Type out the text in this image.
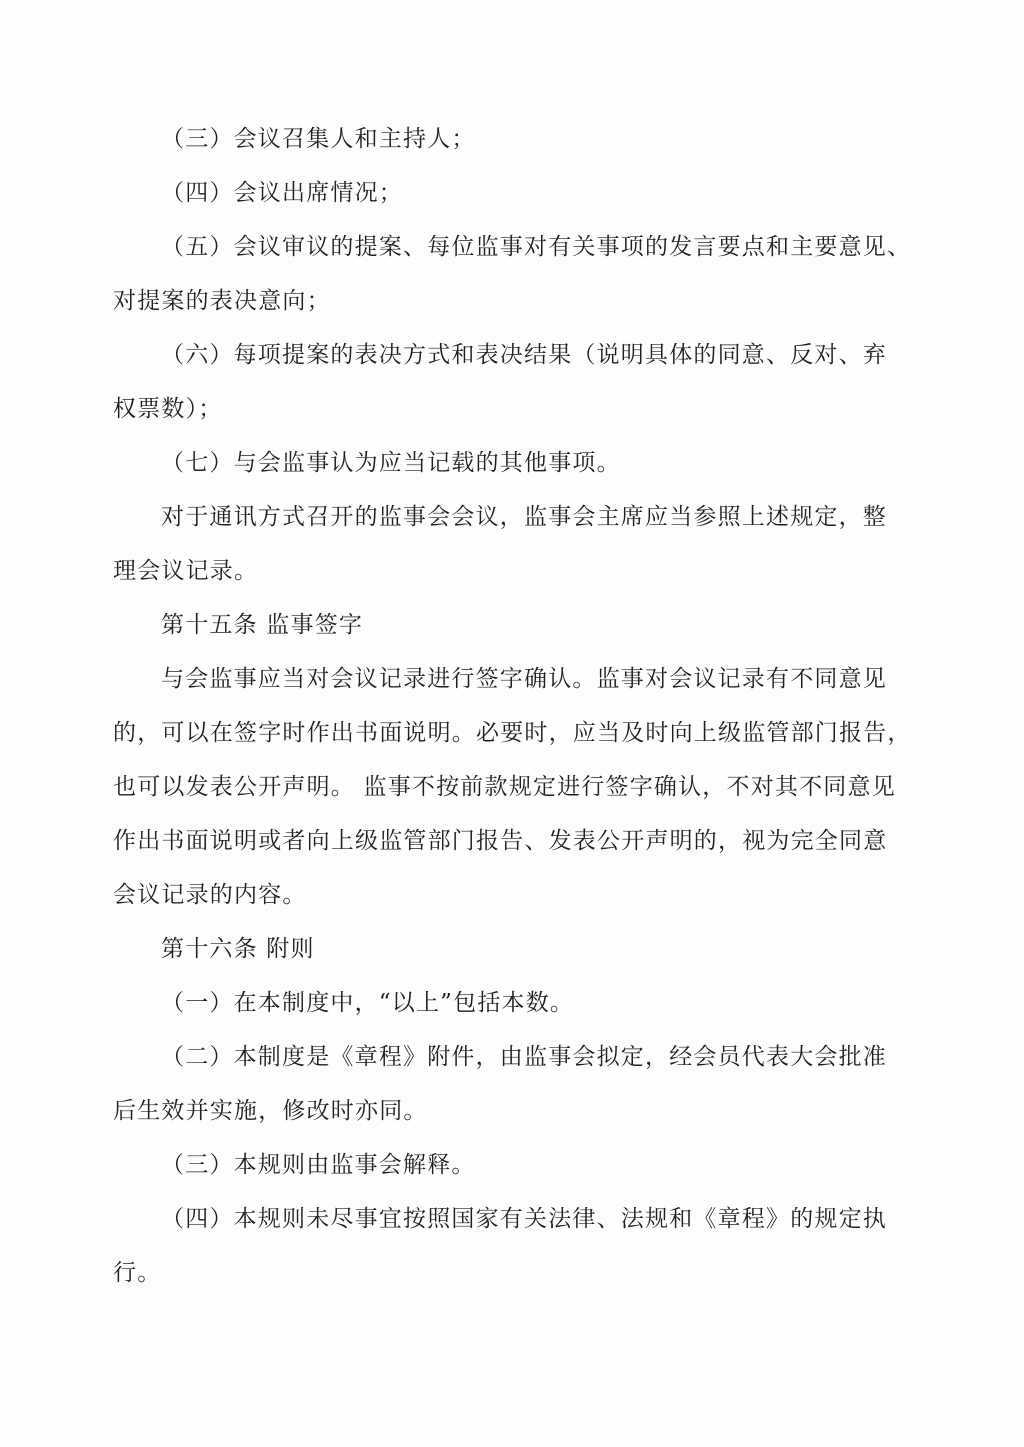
（三）会议召集人和主持人；
（四）会议出席情况；
（五）会议审议的提案、每位监事对有关事项的发言要点和主要意见、
对提案的表决意向；
（六）每项提案的表决方式和表决结果（说明具体的同意、反对、弃
权票数）；
（七）与会监事认为应当记载的其他事项。
对于通讯方式召开的监事会会议，监事会主席应当参照上述规定，整
理会议记录。
第十五条 监事签字
与会监事应当对会议记录进行签字确认。监事对会议记录有不同意见
的，可以在签字时作出书面说明。必要时，应当及时向上级监管部门报告，
也可以发表公开声明。 监事不按前款规定进行签字确认，不对其不同意见
作出书面说明或者向上级监管部门报告、发表公开声明的，视为完全同意
会议记录的内容。
第十六条 附则
（一）在本制度中，“以上”包括本数。
（二）本制度是《章程》附件，由监事会拟定，经会员代表大会批准
后生效并实施，修改时亦同。
（三）本规则由监事会解释。
（四）本规则未尽事宜按照国家有关法律、法规和《章程》的规定执
行。
